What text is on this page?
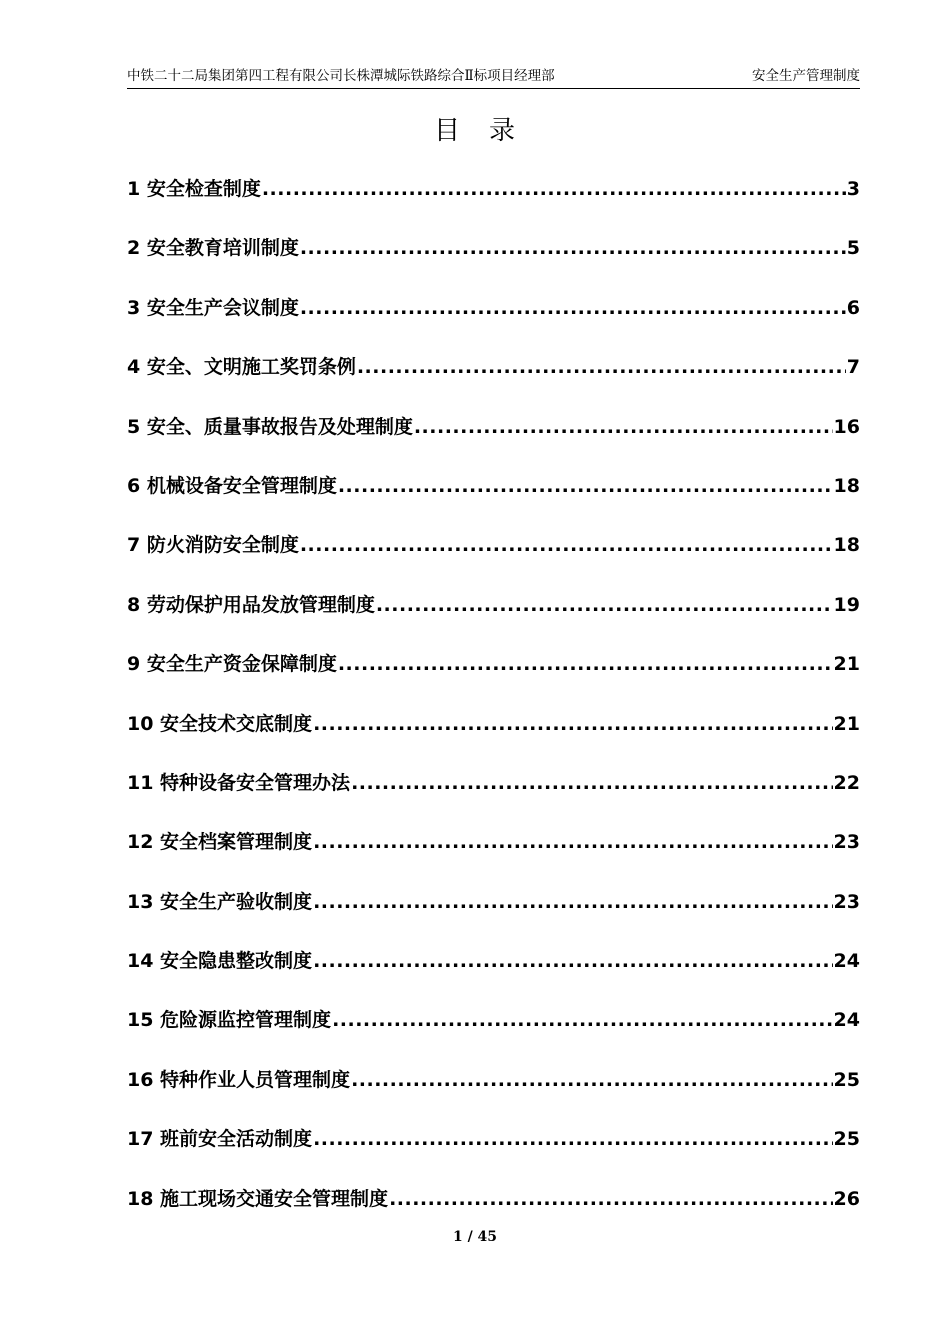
中铁二十二局集团第四工程有限公司长株潭城际铁路综合Ⅱ标项目经理部	安全生产管理制度
目 录
1 安全检查制度 .....	3
2 安全教育培训制度 .....	5
3 安全生产会议制度 .....	6
4 安全、文明施工奖罚条例 .....	7
5 安全、质量事故报告及处理制度 .....	16
6 机械设备安全管理制度 .....	18
7 防火消防安全制度 .....	18
8 劳动保护用品发放管理制度 .....	19
9 安全生产资金保障制度 .....	21
10 安全技术交底制度 .....	21
11 特种设备安全管理办法 .....	22
12 安全档案管理制度 .....	23
13 安全生产验收制度 .....	23
14 安全隐患整改制度 .....	24
15 危险源监控管理制度 .....	24
16 特种作业人员管理制度 .....	25
17 班前安全活动制度 .....	25
18 施工现场交通安全管理制度 .....	26
1 / 45
